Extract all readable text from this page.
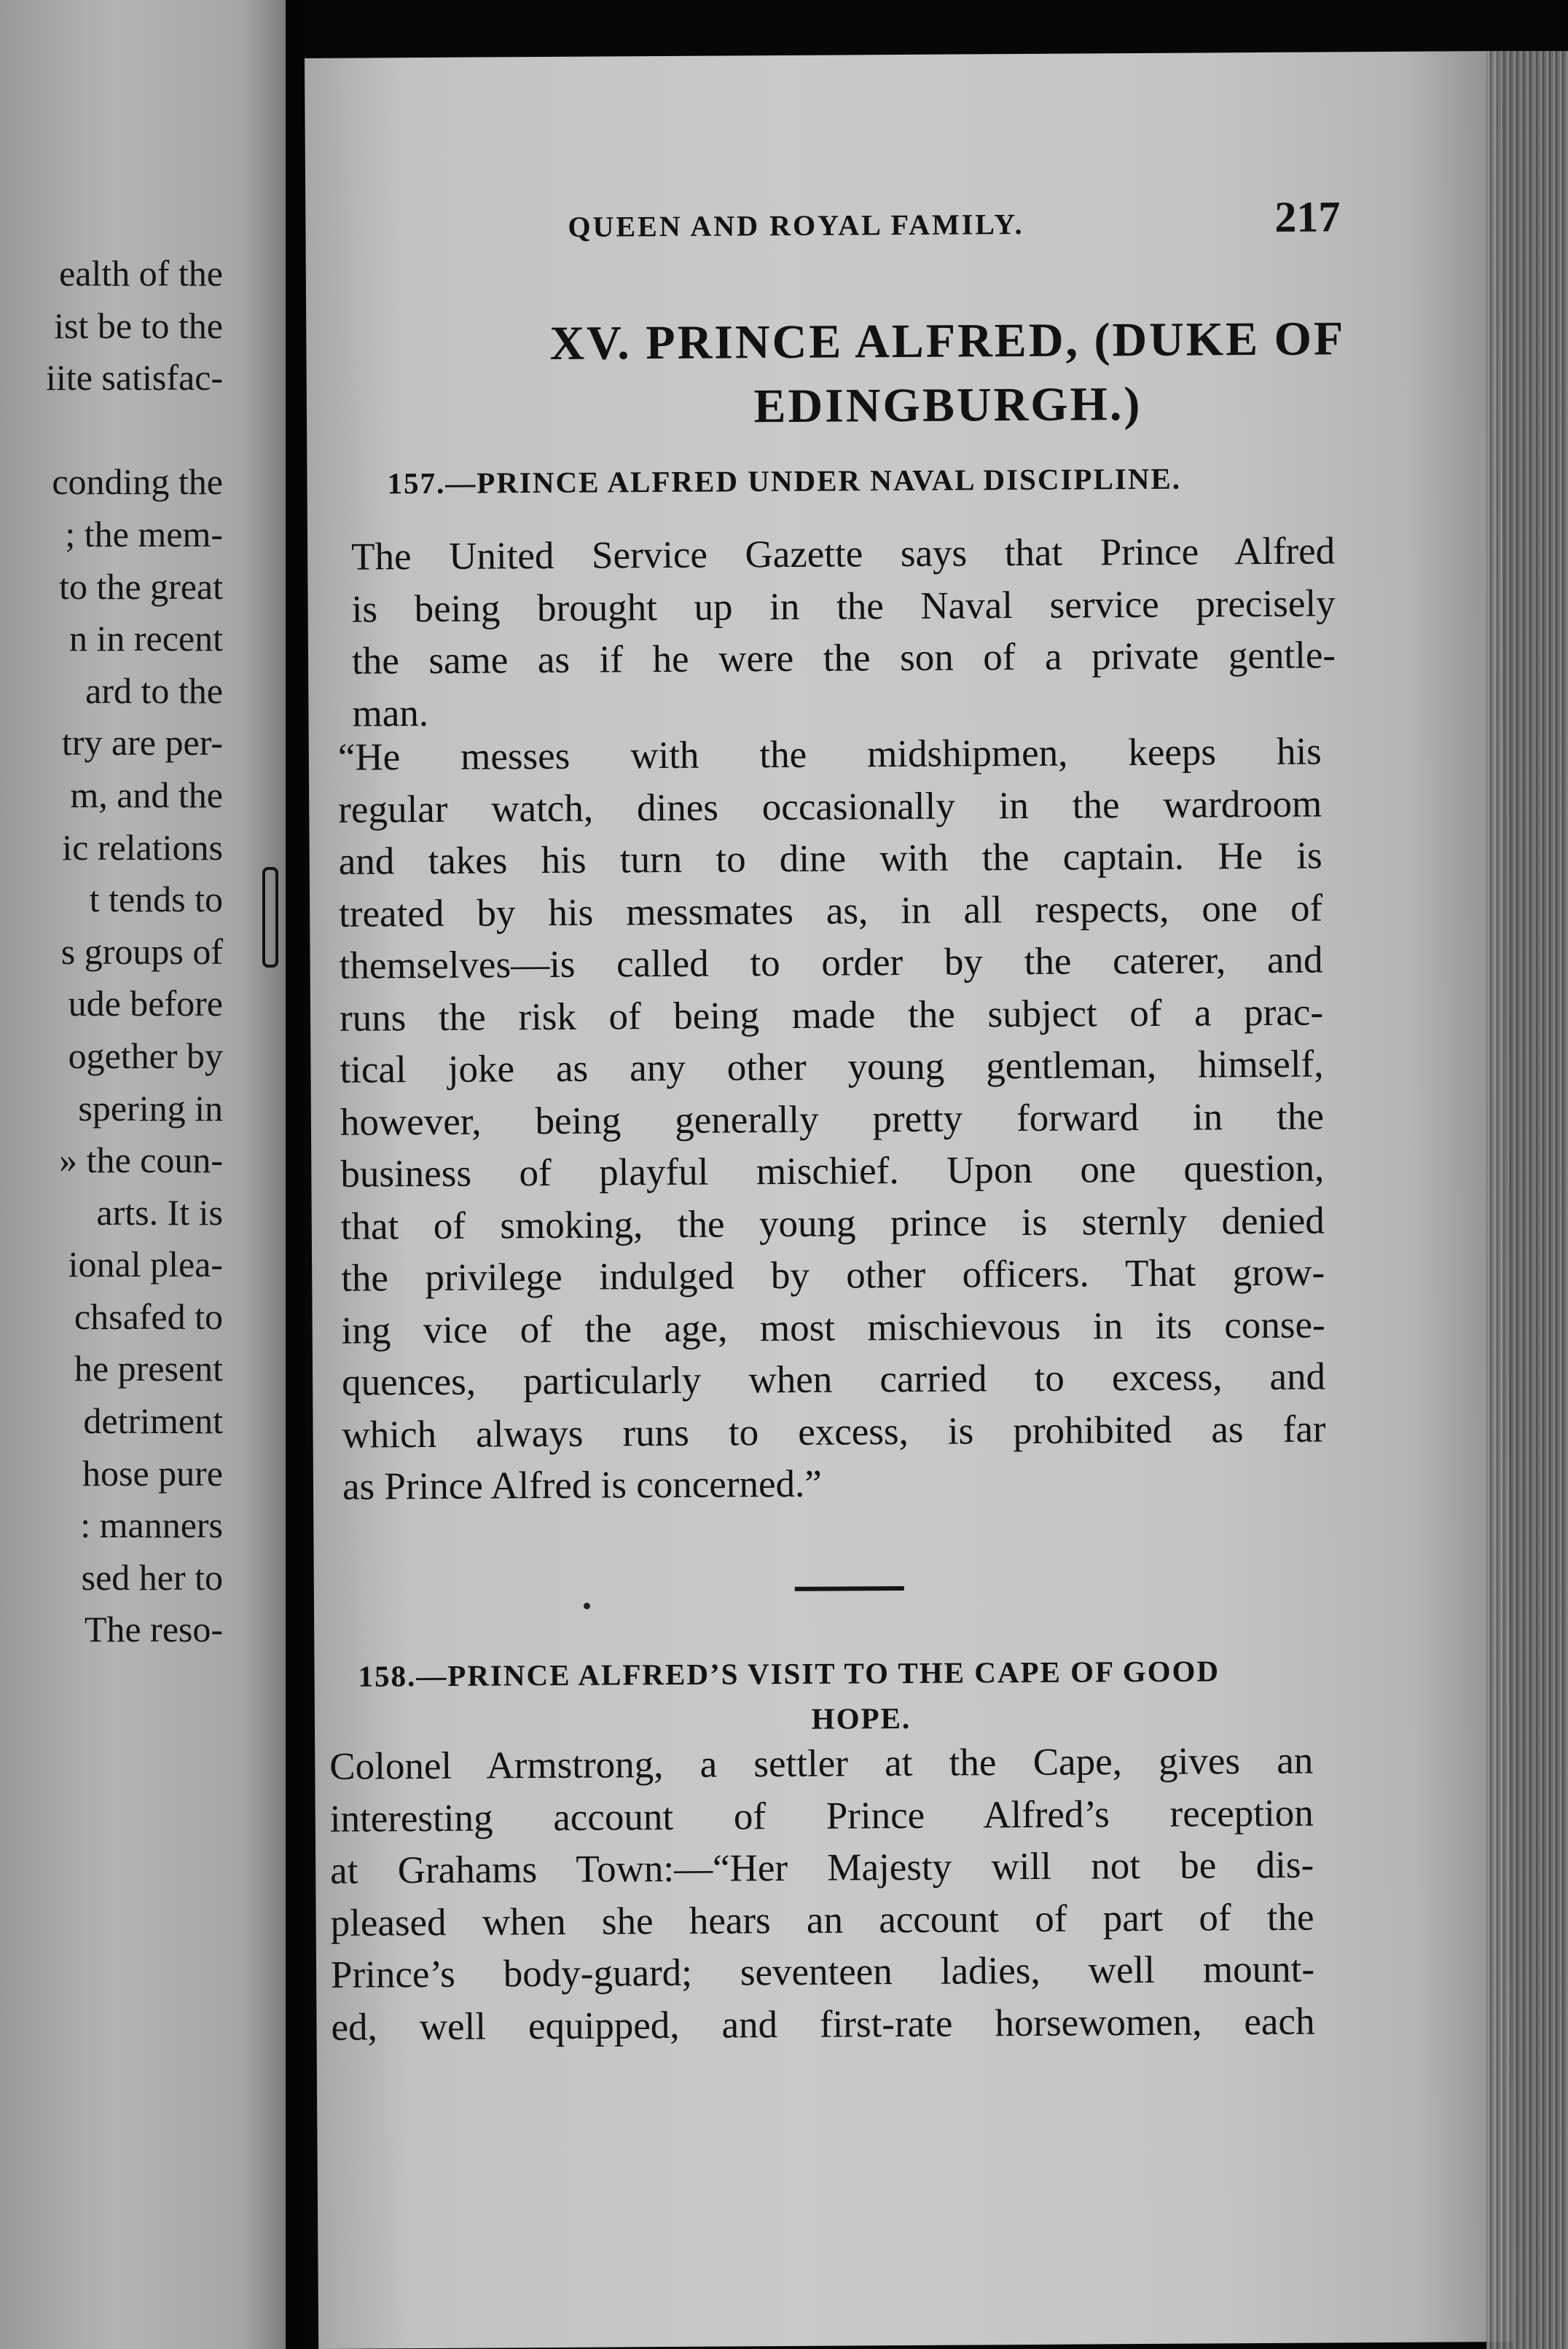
ealth of the
ist be to the
iite satisfac-
conding the
; the mem-
to the great
n in recent
ard to the
try are per-
m, and the
ic relations
t tends to
s groups of
ude before
ogether by
spering in
» the coun-
arts. It is
ional plea-
chsafed to
he present
detriment
hose pure
: manners
sed her to
The reso-
QUEEN AND ROYAL FAMILY.	217
XV. PRINCE ALFRED, (DUKE OF
EDINGBURGH.)
157.—PRINCE ALFRED UNDER NAVAL DISCIPLINE.
The United Service Gazette says that Prince Alfred
is being brought up in the Naval service precisely
the same as if he were the son of a private gentle-
man.
“He messes with the midshipmen, keeps his
regular watch, dines occasionally in the wardroom
and takes his turn to dine with the captain. He is
treated by his messmates as, in all respects, one of
themselves—is called to order by the caterer, and
runs the risk of being made the subject of a prac-
tical joke as any other young gentleman, himself,
however, being generally pretty forward in the
business of playful mischief. Upon one question,
that of smoking, the young prince is sternly denied
the privilege indulged by other officers. That grow-
ing vice of the age, most mischievous in its conse-
quences, particularly when carried to excess, and
which always runs to excess, is prohibited as far
as Prince Alfred is concerned.”
158.—PRINCE ALFRED’S VISIT TO THE CAPE OF GOOD
HOPE.
Colonel Armstrong, a settler at the Cape, gives an
interesting account of Prince Alfred’s reception
at Grahams Town:—“Her Majesty will not be dis-
pleased when she hears an account of part of the
Prince’s body-guard; seventeen ladies, well mount-
ed, well equipped, and first-rate horsewomen, each
